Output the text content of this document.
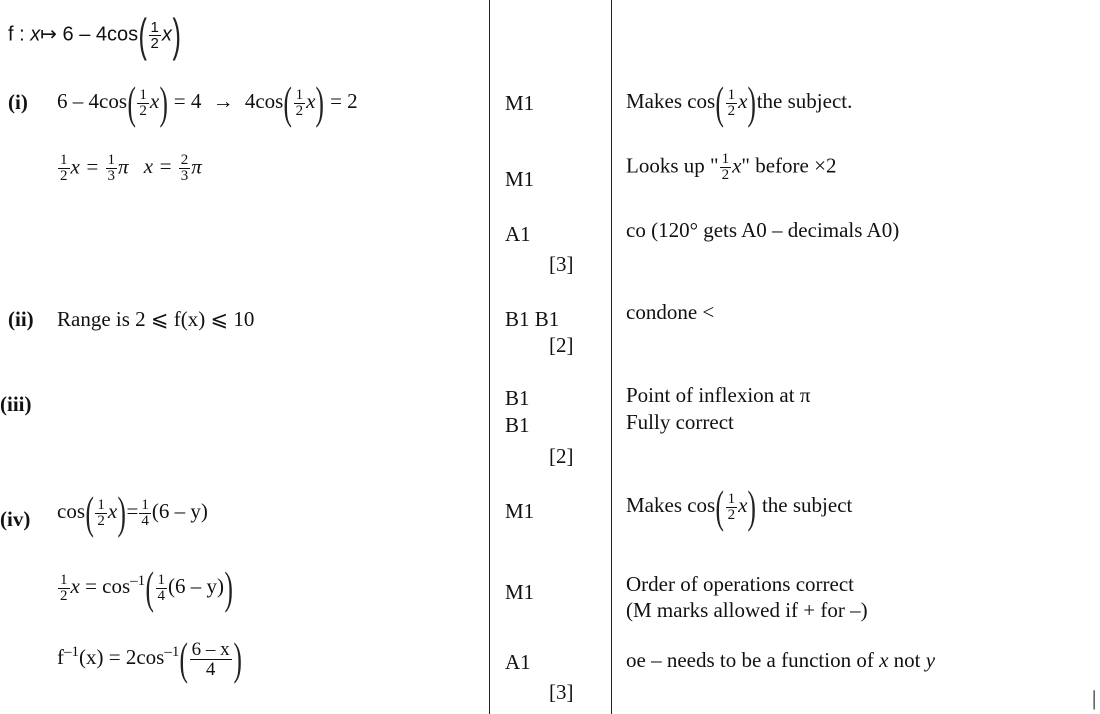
f : x↦ $6 - 4\cos( \frac{1}{2} x)$
(i) $6 - 4\cos( \frac{1}{2} x) = 4 \to 4\cos( \frac{1}{2} x) = 2$
$\frac{1}{2}$ $x = \frac{1}{3}$ π $x = \frac{2}{3}$ π
M1
M1
A1
[3]
Makes $\cos( \frac{1}{2} x)the$ subject.
Looks up " $\frac{1}{2} x$" before ×2
co (120° gets A0 – decimals A0)
(ii) Range is 2 ⩽ f(x) ⩽ 10	B1 B1
[2]
condone <
(iii)	B1
B1
[2]
Point of inflexion at π
Fully correct
(iv) $\cos( \frac{1}{2} x)= \frac{1}{4} (6 - y)$
$\frac{1}{2}$ $x = \cos^{-1}( \frac{1}{4} (6 - y))$
$f^{-1}(x) = 2\cos^{-1}( \frac{6 - x}{4}$ )
M1
M1
A1
[3]
Makes $\cos( \frac{1}{2} x)$ the subject
Order of operations correct
(M marks allowed if + for –)
oe – needs to be a function of x not y
|
